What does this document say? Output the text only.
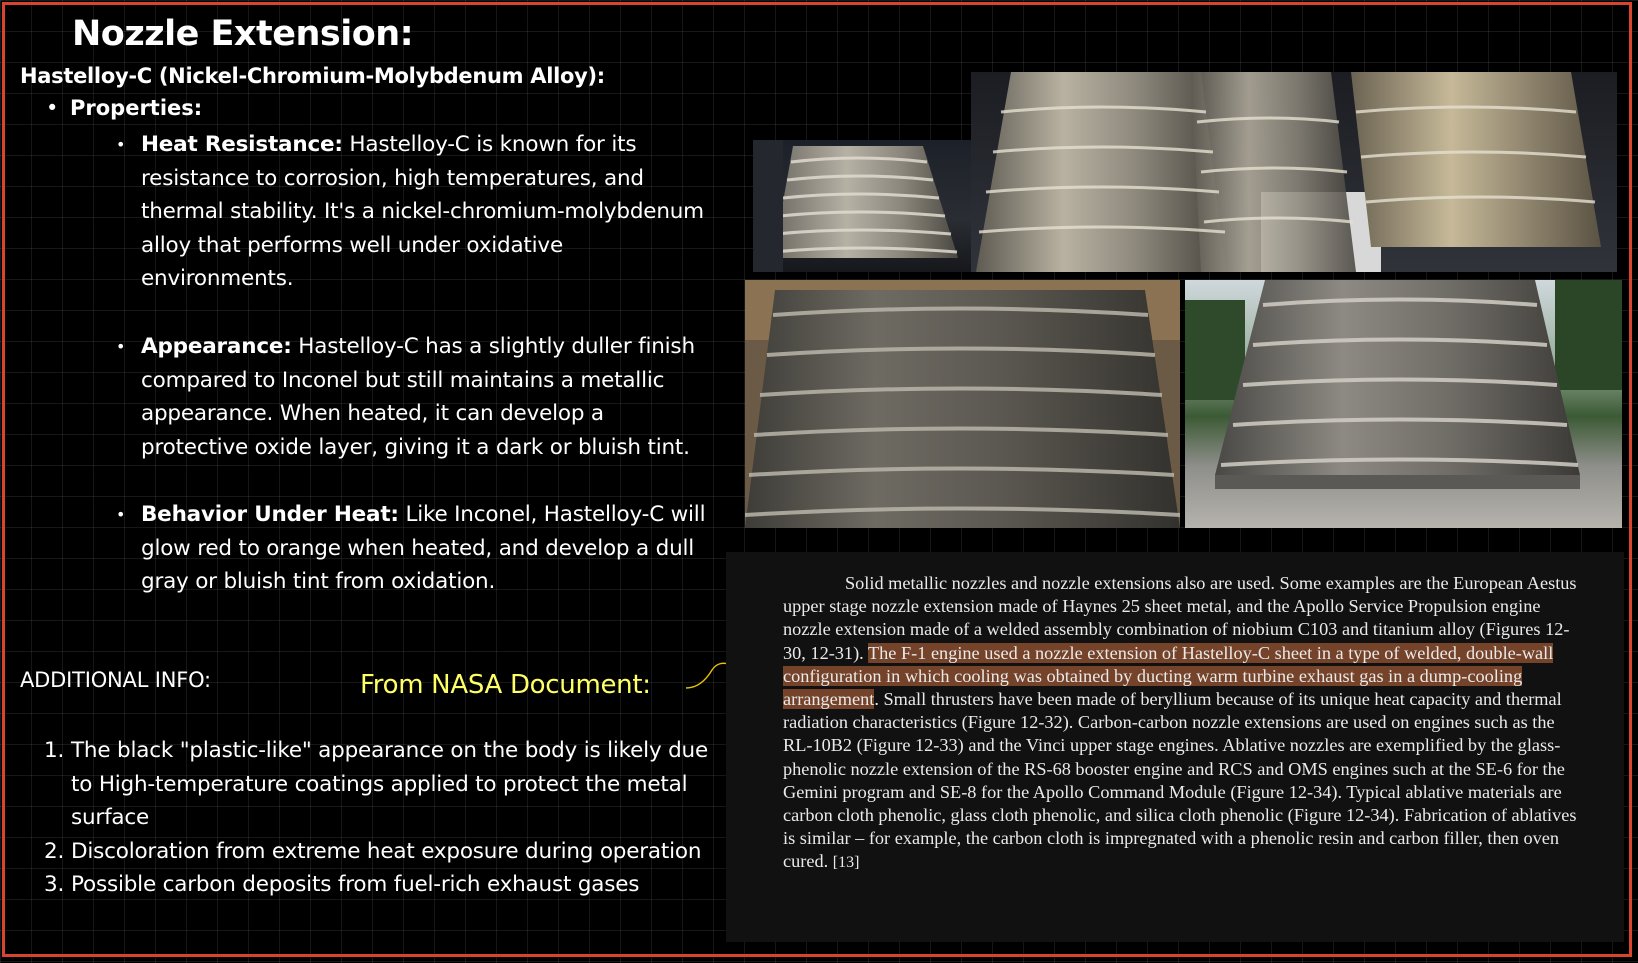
Nozzle Extension:
Hastelloy-C (Nickel-Chromium-Molybdenum Alloy):
• Properties:
• Heat Resistance: Hastelloy-C is known for its resistance to corrosion, high temperatures, and thermal stability. It's a nickel-chromium-molybdenum alloy that performs well under oxidative environments.
• Appearance: Hastelloy-C has a slightly duller finish compared to Inconel but still maintains a metallic appearance. When heated, it can develop a protective oxide layer, giving it a dark or bluish tint.
• Behavior Under Heat: Like Inconel, Hastelloy-C will glow red to orange when heated, and develop a dull gray or bluish tint from oxidation.
ADDITIONAL INFO:	From NASA Document:
1. The black "plastic-like" appearance on the body is likely due to High-temperature coatings applied to protect the metal surface
2. Discoloration from extreme heat exposure during operation
3. Possible carbon deposits from fuel-rich exhaust gases

Solid metallic nozzles and nozzle extensions also are used. Some examples are the European Aestus upper stage nozzle extension made of Haynes 25 sheet metal, and the Apollo Service Propulsion engine nozzle extension made of a welded assembly combination of niobium C103 and titanium alloy (Figures 12-30, 12-31). The F-1 engine used a nozzle extension of Hastelloy-C sheet in a type of welded, double-wall configuration in which cooling was obtained by ducting warm turbine exhaust gas in a dump-cooling arrangement. Small thrusters have been made of beryllium because of its unique heat capacity and thermal radiation characteristics (Figure 12-32). Carbon-carbon nozzle extensions are used on engines such as the RL-10B2 (Figure 12-33) and the Vinci upper stage engines. Ablative nozzles are exemplified by the glass-phenolic nozzle extension of the RS-68 booster engine and RCS and OMS engines such at the SE-6 for the Gemini program and SE-8 for the Apollo Command Module (Figure 12-34). Typical ablative materials are carbon cloth phenolic, glass cloth phenolic, and silica cloth phenolic (Figure 12-34). Fabrication of ablatives is similar – for example, the carbon cloth is impregnated with a phenolic resin and carbon filler, then oven cured. [13]
